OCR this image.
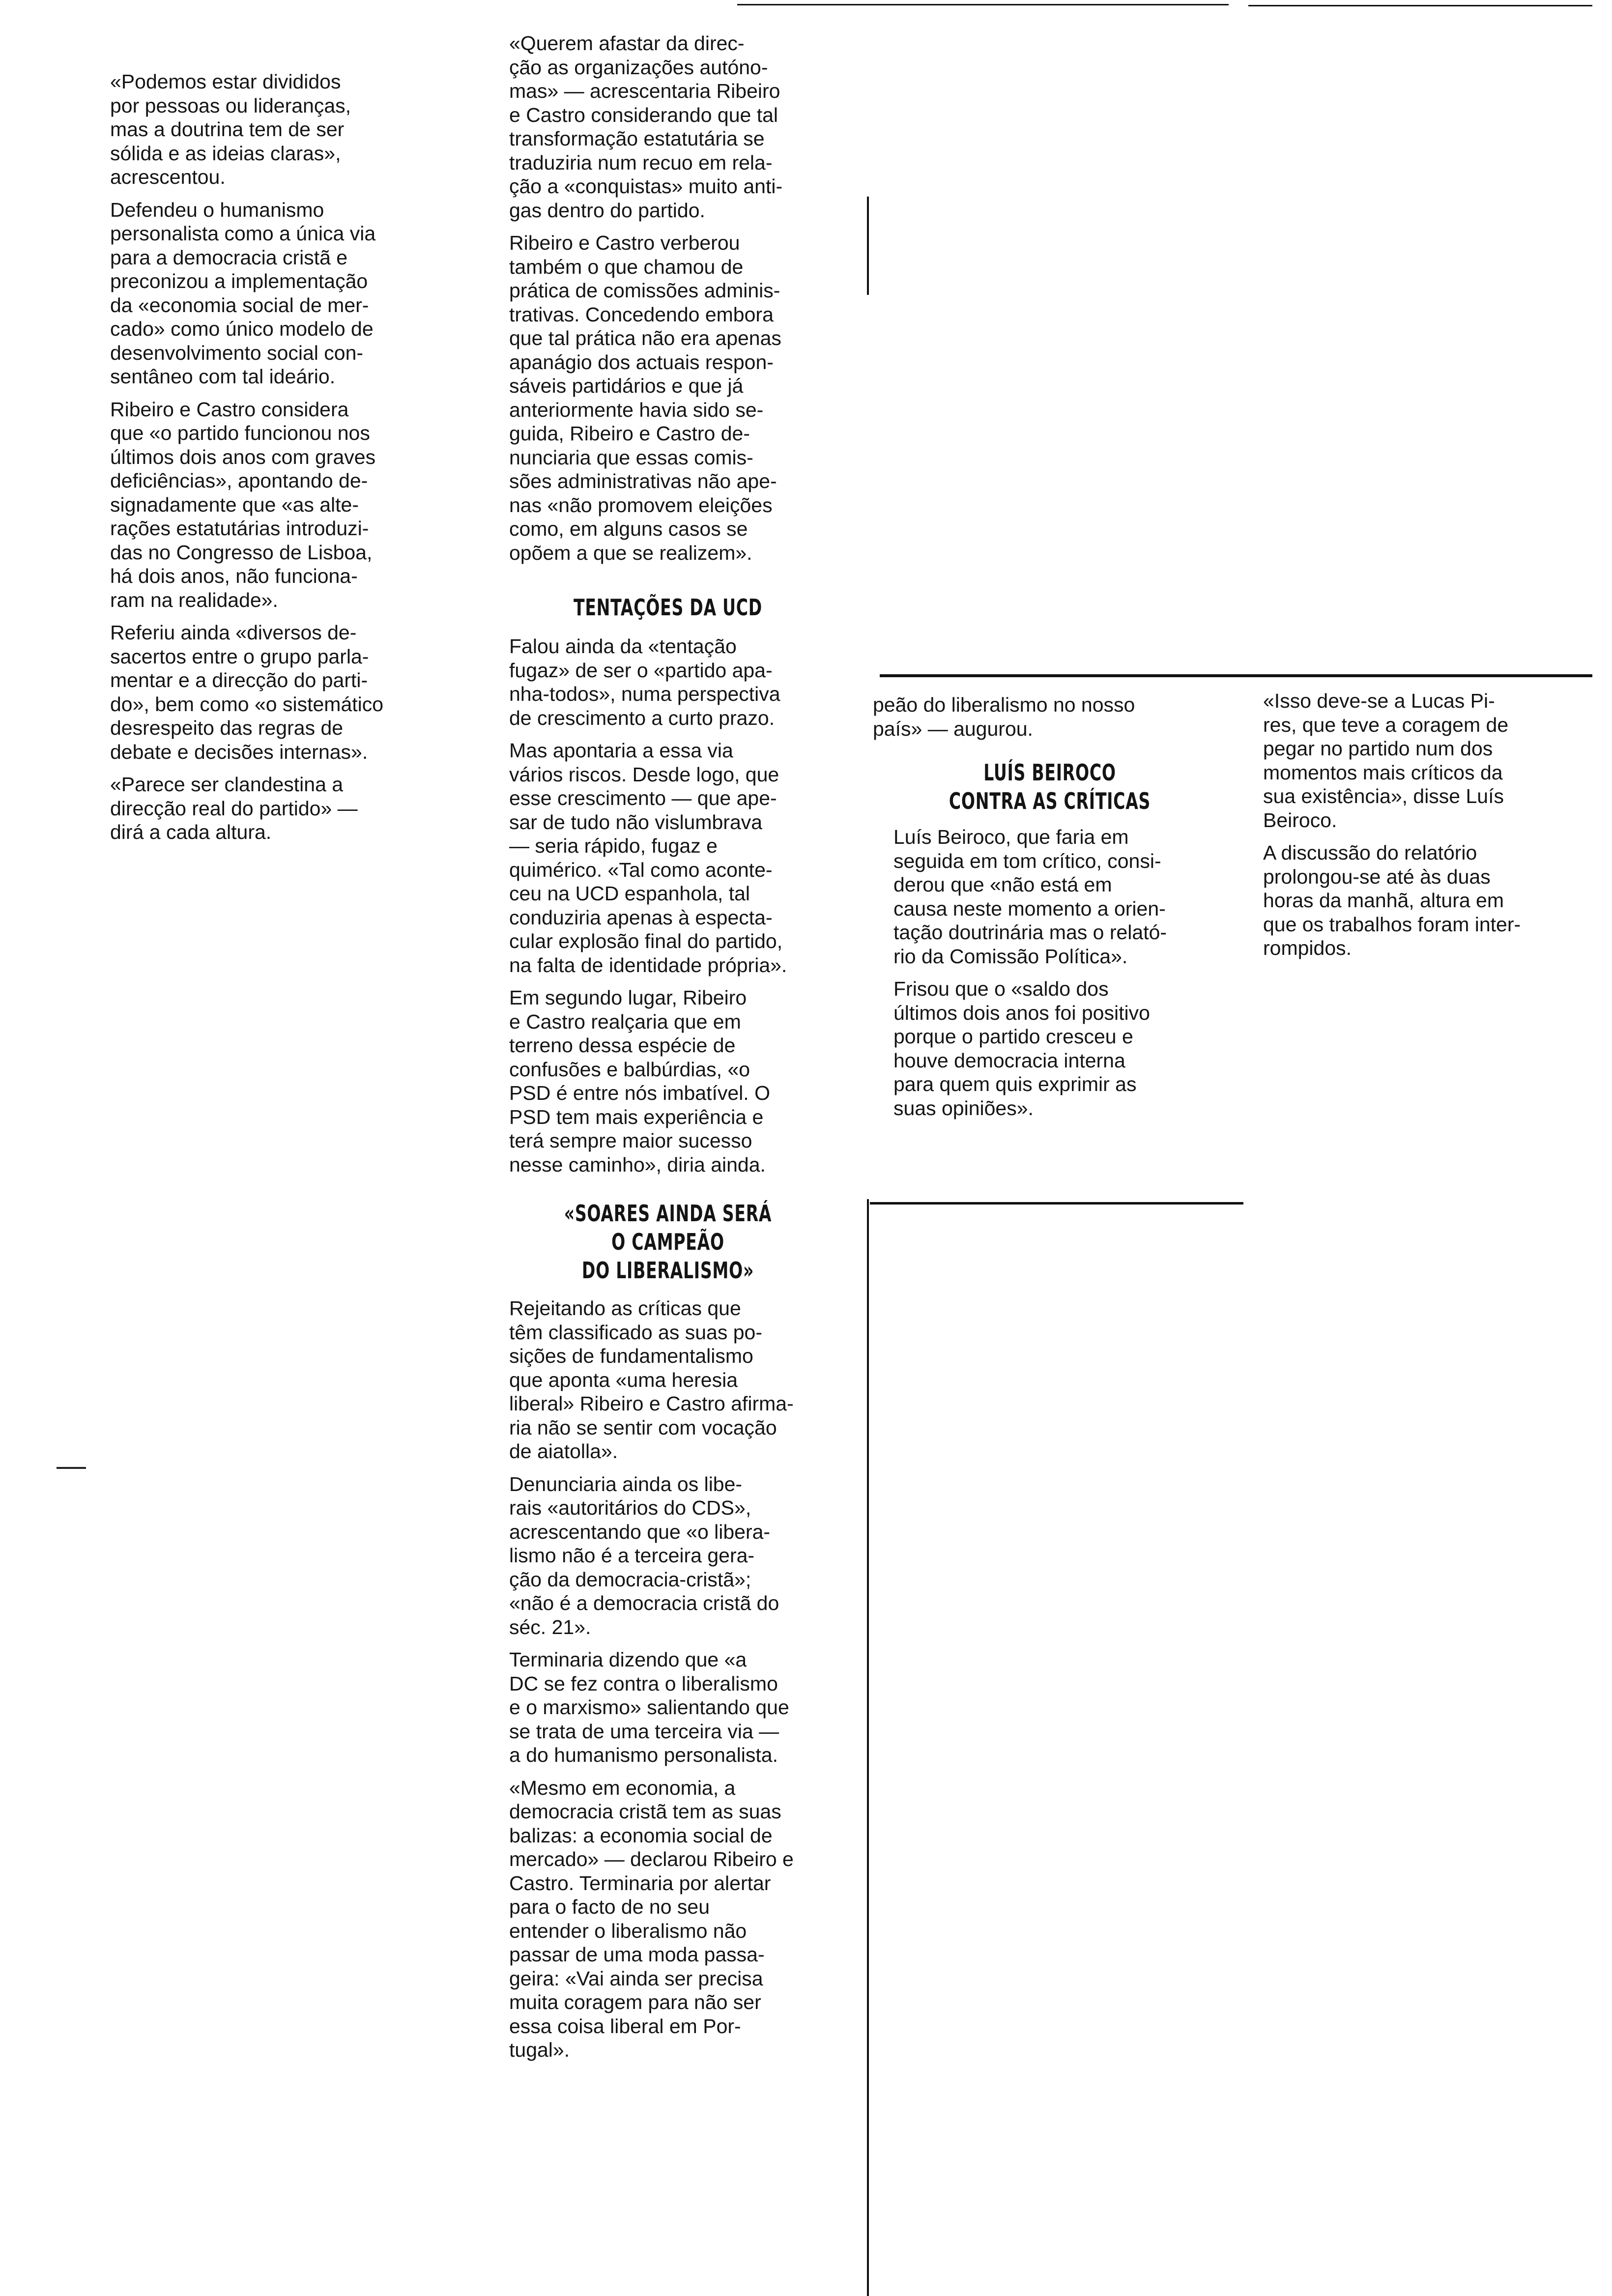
«Podemos estar divididos
por pessoas ou lideranças,
mas a doutrina tem de ser
sólida e as ideias claras»,
acrescentou.

Defendeu o humanismo
personalista como a única via
para a democracia cristã e
preconizou a implementação
da «economia social de mer-
cado» como único modelo de
desenvolvimento social con-
sentâneo com tal ideário.

Ribeiro e Castro considera
que «o partido funcionou nos
últimos dois anos com graves
deficiências», apontando de-
signadamente que «as alte-
rações estatutárias introduzi-
das no Congresso de Lisboa,
há dois anos, não funciona-
ram na realidade».

Referiu ainda «diversos de-
sacertos entre o grupo parla-
mentar e a direcção do parti-
do», bem como «o sistemático
desrespeito das regras de
debate e decisões internas».

«Parece ser clandestina a
direcção real do partido» —
dirá a cada altura.

«Querem afastar da direc-
ção as organizações autóno-
mas» — acrescentaria Ribeiro
e Castro considerando que tal
transformação estatutária se
traduziria num recuo em rela-
ção a «conquistas» muito anti-
gas dentro do partido.

Ribeiro e Castro verberou
também o que chamou de
prática de comissões adminis-
trativas. Concedendo embora
que tal prática não era apenas
apanágio dos actuais respon-
sáveis partidários e que já
anteriormente havia sido se-
guida, Ribeiro e Castro de-
nunciaria que essas comis-
sões administrativas não ape-
nas «não promovem eleições
como, em alguns casos se
opõem a que se realizem».

TENTAÇÕES DA UCD

Falou ainda da «tentação
fugaz» de ser o «partido apa-
nha-todos», numa perspectiva
de crescimento a curto prazo.

Mas apontaria a essa via
vários riscos. Desde logo, que
esse crescimento — que ape-
sar de tudo não vislumbrava
— seria rápido, fugaz e
quimérico. «Tal como aconte-
ceu na UCD espanhola, tal
conduziria apenas à especta-
cular explosão final do partido,
na falta de identidade própria».

Em segundo lugar, Ribeiro
e Castro realçaria que em
terreno dessa espécie de
confusões e balbúrdias, «o
PSD é entre nós imbatível. O
PSD tem mais experiência e
terá sempre maior sucesso
nesse caminho», diria ainda.

«SOARES AINDA SERÁ
O CAMPEÃO
DO LIBERALISMO»

Rejeitando as críticas que
têm classificado as suas po-
sições de fundamentalismo
que aponta «uma heresia
liberal» Ribeiro e Castro afirma-
ria não se sentir com vocação
de aiatolla».

Denunciaria ainda os libe-
rais «autoritários do CDS»,
acrescentando que «o libera-
lismo não é a terceira gera-
ção da democracia-cristã»;
«não é a democracia cristã do
séc. 21».

Terminaria dizendo que «a
DC se fez contra o liberalismo
e o marxismo» salientando que
se trata de uma terceira via —
a do humanismo personalista.

«Mesmo em economia, a
democracia cristã tem as suas
balizas: a economia social de
mercado» — declarou Ribeiro e
Castro. Terminaria por alertar
para o facto de no seu
entender o liberalismo não
passar de uma moda passa-
geira: «Vai ainda ser precisa
muita coragem para não ser
essa coisa liberal em Por-
tugal».

peão do liberalismo no nosso
país» — augurou.

LUÍS BEIROCO
CONTRA AS CRÍTICAS

Luís Beiroco, que faria em
seguida em tom crítico, consi-
derou que «não está em
causa neste momento a orien-
tação doutrinária mas o relató-
rio da Comissão Política».

Frisou que o «saldo dos
últimos dois anos foi positivo
porque o partido cresceu e
houve democracia interna
para quem quis exprimir as
suas opiniões».

«Isso deve-se a Lucas Pi-
res, que teve a coragem de
pegar no partido num dos
momentos mais críticos da
sua existência», disse Luís
Beiroco.

A discussão do relatório
prolongou-se até às duas
horas da manhã, altura em
que os trabalhos foram inter-
rompidos.
